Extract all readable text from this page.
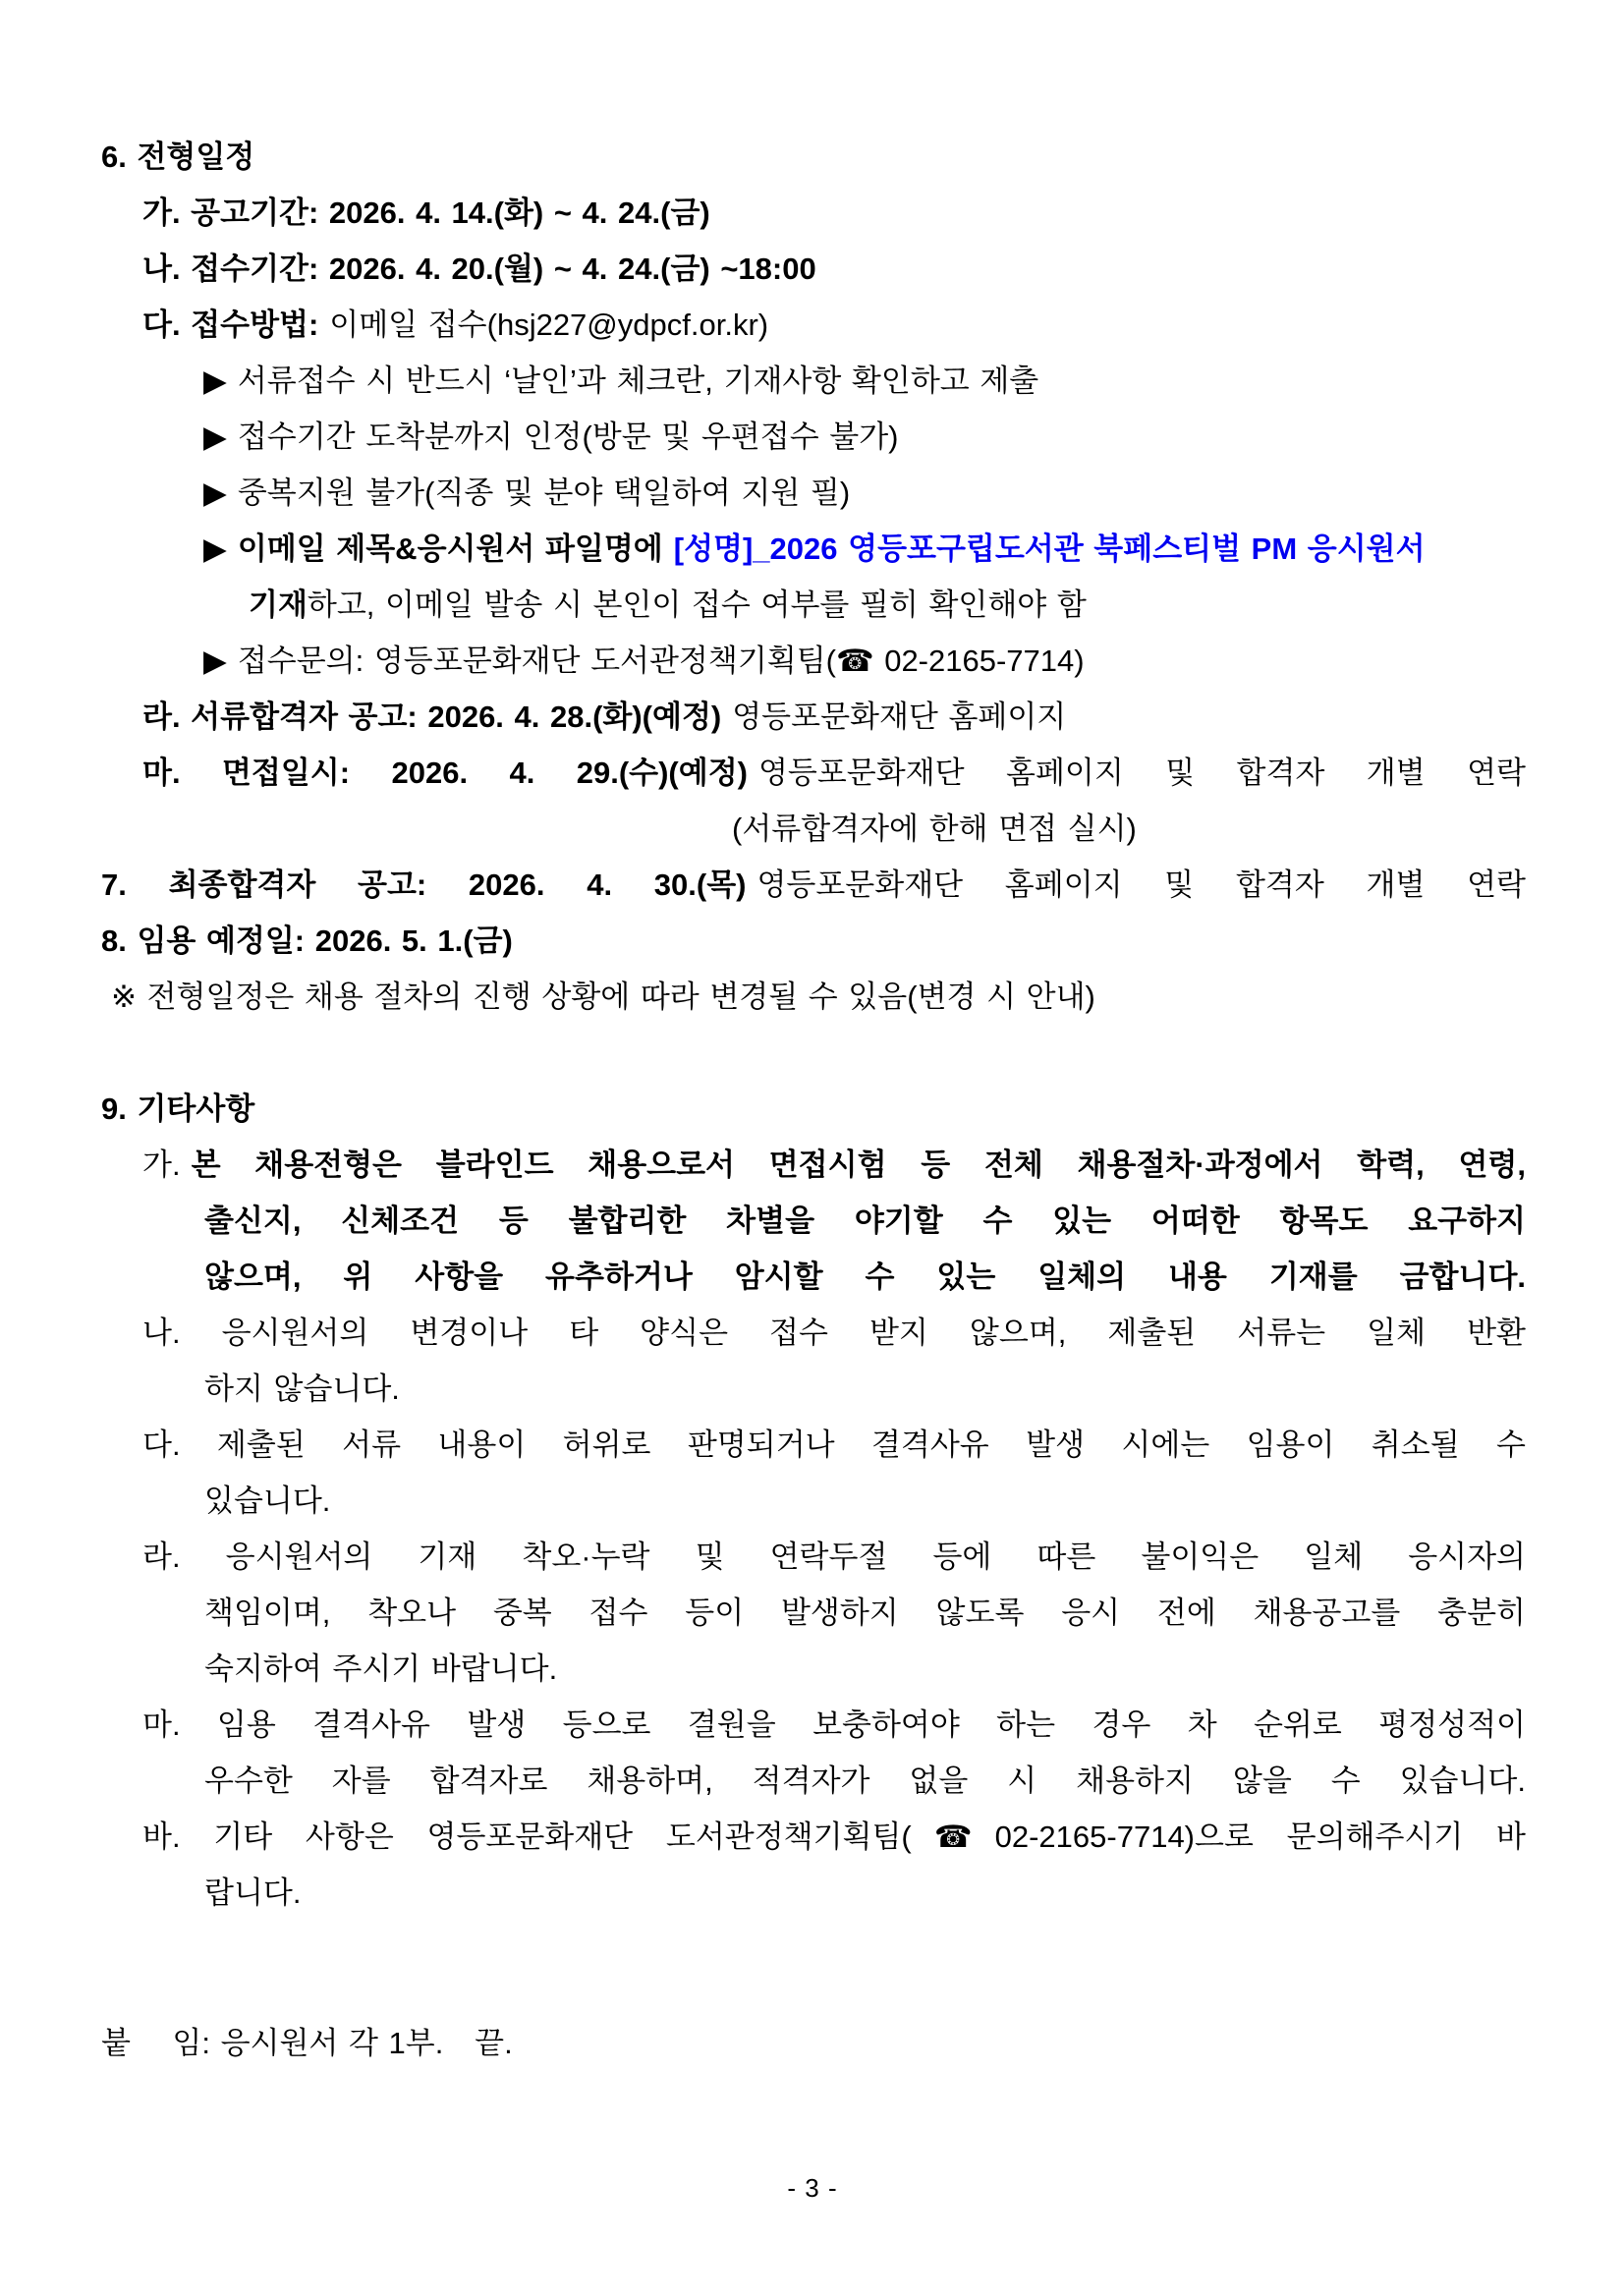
6. 전형일정
가. 공고기간: 2026. 4. 14.(화) ~ 4. 24.(금)
나. 접수기간: 2026. 4. 20.(월) ~ 4. 24.(금) ~18:00
다. 접수방법: 이메일 접수(hsj227@ydpcf.or.kr)
▶ 서류접수 시 반드시 ‘날인’과 체크란, 기재사항 확인하고 제출
▶ 접수기간 도착분까지 인정(방문 및 우편접수 불가)
▶ 중복지원 불가(직종 및 분야 택일하여 지원 필)
▶ 이메일 제목&응시원서 파일명에 [성명]_2026 영등포구립도서관 북페스티벌 PM 응시원서
기재하고, 이메일 발송 시 본인이 접수 여부를 필히 확인해야 함
▶ 접수문의: 영등포문화재단 도서관정책기획팀(☎ 02-2165-7714)
라. 서류합격자 공고: 2026. 4. 28.(화)(예정) 영등포문화재단 홈페이지
마. 면접일시: 2026. 4. 29.(수)(예정) 영등포문화재단 홈페이지 및 합격자 개별 연락
(서류합격자에 한해 면접 실시)
7. 최종합격자 공고: 2026. 4. 30.(목) 영등포문화재단 홈페이지 및 합격자 개별 연락
8. 임용 예정일: 2026. 5. 1.(금)
※ 전형일정은 채용 절차의 진행 상황에 따라 변경될 수 있음(변경 시 안내)
9. 기타사항
가. 본 채용전형은 블라인드 채용으로서 면접시험 등 전체 채용절차·과정에서 학력, 연령,
출신지, 신체조건 등 불합리한 차별을 야기할 수 있는 어떠한 항목도 요구하지
않으며, 위 사항을 유추하거나 암시할 수 있는 일체의 내용 기재를 금합니다.
나. 응시원서의 변경이나 타 양식은 접수 받지 않으며, 제출된 서류는 일체 반환
하지 않습니다.
다. 제출된 서류 내용이 허위로 판명되거나 결격사유 발생 시에는 임용이 취소될 수
있습니다.
라. 응시원서의 기재 착오·누락 및 연락두절 등에 따른 불이익은 일체 응시자의
책임이며, 착오나 중복 접수 등이 발생하지 않도록 응시 전에 채용공고를 충분히
숙지하여 주시기 바랍니다.
마. 임용 결격사유 발생 등으로 결원을 보충하여야 하는 경우 차 순위로 평정성적이
우수한 자를 합격자로 채용하며, 적격자가 없을 시 채용하지 않을 수 있습니다.
바. 기타 사항은 영등포문화재단 도서관정책기획팀(☎02-2165-7714)으로 문의해주시기 바
랍니다.
붙    임: 응시원서 각 1부.   끝.
- 3 -
